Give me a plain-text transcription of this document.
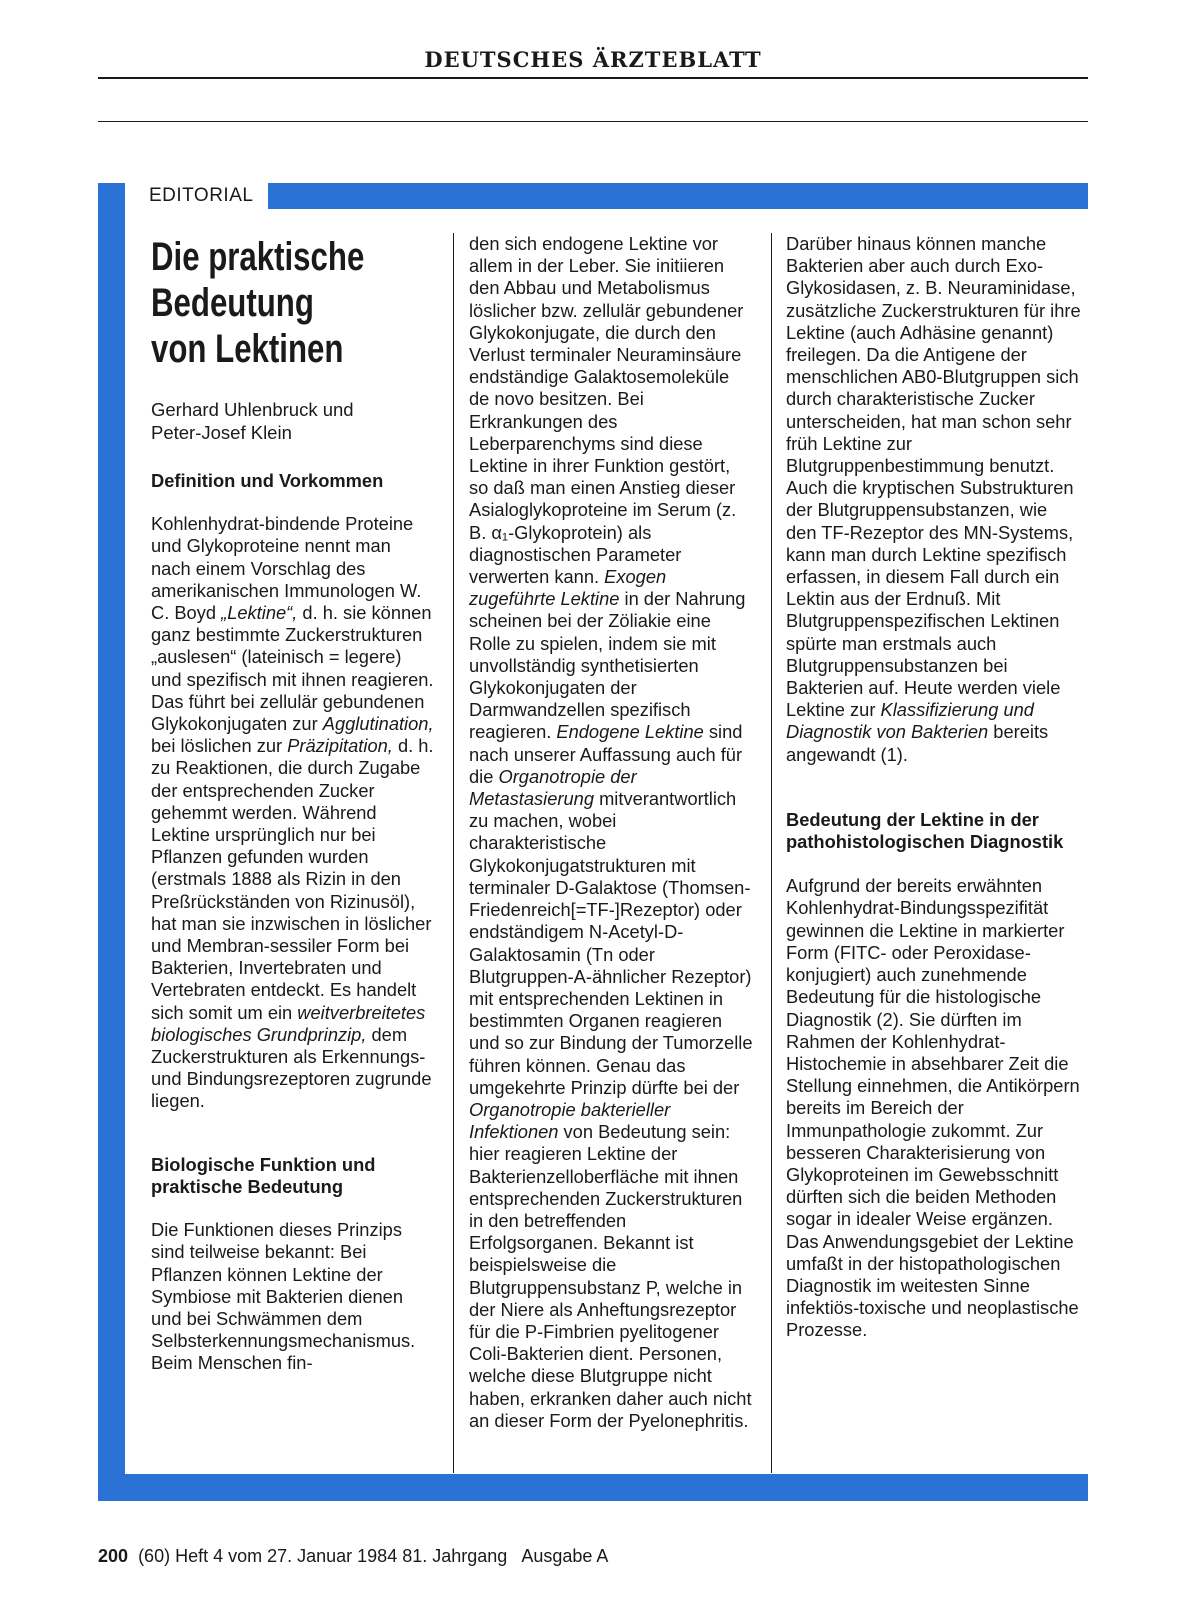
DEUTSCHES ÄRZTEBLATT
EDITORIAL
Die praktische Bedeutung von Lektinen
Gerhard Uhlenbruck und
Peter-Josef Klein
Definition und Vorkommen

Kohlenhydrat-bindende Proteine und Glykoproteine nennt man nach einem Vorschlag des amerikanischen Immunologen W. C. Boyd „Lektine“, d. h. sie können ganz bestimmte Zuckerstrukturen „auslesen“ (lateinisch = legere) und spezifisch mit ihnen reagieren. Das führt bei zellulär gebundenen Glykokonjugaten zur Agglutination, bei löslichen zur Präzipitation, d. h. zu Reaktionen, die durch Zugabe der entsprechenden Zucker gehemmt werden. Während Lektine ursprünglich nur bei Pflanzen gefunden wurden (erstmals 1888 als Rizin in den Preßrückständen von Rizinusöl), hat man sie inzwischen in löslicher und Membran-sessiler Form bei Bakterien, Invertebraten und Vertebraten entdeckt. Es handelt sich somit um ein weitverbreitetes biologisches Grundprinzip, dem Zuckerstrukturen als Erkennungs- und Bindungsrezeptoren zugrunde liegen.

Biologische Funktion und praktische Bedeutung

Die Funktionen dieses Prinzips sind teilweise bekannt: Bei Pflanzen können Lektine der Symbiose mit Bakterien dienen und bei Schwämmen dem Selbsterkennungsmechanismus. Beim Menschen fin-

den sich endogene Lektine vor allem in der Leber. Sie initiieren den Abbau und Metabolismus löslicher bzw. zellulär gebundener Glykokonjugate, die durch den Verlust terminaler Neuraminsäure endständige Galaktosemoleküle de novo besitzen. Bei Erkrankungen des Leberparenchyms sind diese Lektine in ihrer Funktion gestört, so daß man einen Anstieg dieser Asialoglykoproteine im Serum (z. B. α₁-Glykoprotein) als diagnostischen Parameter verwerten kann. Exogen zugeführte Lektine in der Nahrung scheinen bei der Zöliakie eine Rolle zu spielen, indem sie mit unvollständig synthetisierten Glykokonjugaten der Darmwandzellen spezifisch reagieren. Endogene Lektine sind nach unserer Auffassung auch für die Organotropie der Metastasierung mitverantwortlich zu machen, wobei charakteristische Glykokonjugatstrukturen mit terminaler D-Galaktose (Thomsen-Friedenreich[=TF-]Rezeptor) oder endständigem N-Acetyl-D-Galaktosamin (Tn oder Blutgruppen-A-ähnlicher Rezeptor) mit entsprechenden Lektinen in bestimmten Organen reagieren und so zur Bindung der Tumorzelle führen können. Genau das umgekehrte Prinzip dürfte bei der Organotropie bakterieller Infektionen von Bedeutung sein: hier reagieren Lektine der Bakterienzelloberfläche mit ihnen entsprechenden Zuckerstrukturen in den betreffenden Erfolgsorganen. Bekannt ist beispielsweise die Blutgruppensubstanz P, welche in der Niere als Anheftungsrezeptor für die P-Fimbrien pyelitogener Coli-Bakterien dient. Personen, welche diese Blutgruppe nicht haben, erkranken daher auch nicht an dieser Form der Pyelonephritis.

Darüber hinaus können manche Bakterien aber auch durch Exo-Glykosidasen, z. B. Neuraminidase, zusätzliche Zuckerstrukturen für ihre Lektine (auch Adhäsine genannt) freilegen. Da die Antigene der menschlichen AB0-Blutgruppen sich durch charakteristische Zucker unterscheiden, hat man schon sehr früh Lektine zur Blutgruppenbestimmung benutzt. Auch die kryptischen Substrukturen der Blutgruppensubstanzen, wie den TF-Rezeptor des MN-Systems, kann man durch Lektine spezifisch erfassen, in diesem Fall durch ein Lektin aus der Erdnuß. Mit Blutgruppenspezifischen Lektinen spürte man erstmals auch Blutgruppensubstanzen bei Bakterien auf. Heute werden viele Lektine zur Klassifizierung und Diagnostik von Bakterien bereits angewandt (1).

Bedeutung der Lektine in der pathohistologischen Diagnostik

Aufgrund der bereits erwähnten Kohlenhydrat-Bindungsspezifität gewinnen die Lektine in markierter Form (FITC- oder Peroxidase-konjugiert) auch zunehmende Bedeutung für die histologische Diagnostik (2). Sie dürften im Rahmen der Kohlenhydrat-Histochemie in absehbarer Zeit die Stellung einnehmen, die Antikörpern bereits im Bereich der Immunpathologie zukommt. Zur besseren Charakterisierung von Glykoproteinen im Gewebsschnitt dürften sich die beiden Methoden sogar in idealer Weise ergänzen. Das Anwendungsgebiet der Lektine umfaßt in der histopathologischen Diagnostik im weitesten Sinne infektiös-toxische und neoplastische Prozesse.

200 (60) Heft 4 vom 27. Januar 1984 81. Jahrgang Ausgabe A
